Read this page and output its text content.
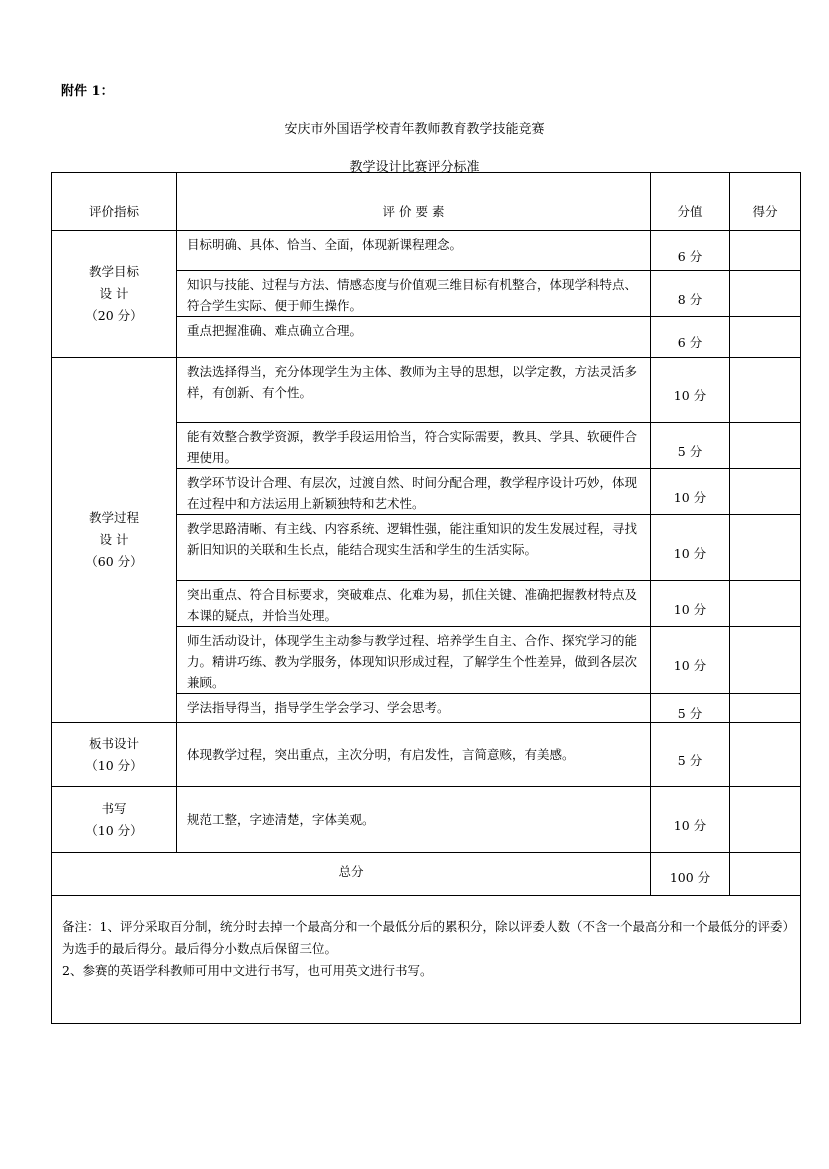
附件 1：
安庆市外国语学校青年教师教育教学技能竞赛
教学设计比赛评分标准
评价指标	评 价 要 素	分值	得分

教学目标
设 计
（20 分）	目标明确、具体、恰当、全面，体现新课程理念。	6 分	
	知识与技能、过程与方法、情感态度与价值观三维目标有机整合，体现学科特点、符合学生实际、便于师生操作。	8 分	
	重点把握准确、难点确立合理。	6 分	

教学过程
设 计
（60 分）	教法选择得当，充分体现学生为主体、教师为主导的思想，以学定教，方法灵活多样，有创新、有个性。	10 分	
	能有效整合教学资源，教学手段运用恰当，符合实际需要，教具、学具、软硬件合理使用。	5 分	
	教学环节设计合理、有层次，过渡自然、时间分配合理，教学程序设计巧妙，体现在过程中和方法运用上新颖独特和艺术性。	10 分	
	教学思路清晰、有主线、内容系统、逻辑性强，能注重知识的发生发展过程，寻找新旧知识的关联和生长点，能结合现实生活和学生的生活实际。	10 分	
	突出重点、符合目标要求，突破难点、化难为易，抓住关键、准确把握教材特点及本课的疑点，并恰当处理。	10 分	
	师生活动设计，体现学生主动参与教学过程、培养学生自主、合作、探究学习的能力。精讲巧练、教为学服务，体现知识形成过程，了解学生个性差异，做到各层次兼顾。	10 分	
	学法指导得当，指导学生学会学习、学会思考。	5 分	

板书设计
（10 分）	体现教学过程，突出重点，主次分明，有启发性，言简意赅，有美感。	5 分	

书写
（10 分）	规范工整，字迹清楚，字体美观。	10 分	
总分		100 分	

备注：1、评分采取百分制，统分时去掉一个最高分和一个最低分后的累积分，除以评委人数（不含一个最高分和一个最低分的评委）为选手的最后得分。最后得分小数点后保留三位。
2、参赛的英语学科教师可用中文进行书写，也可用英文进行书写。			
